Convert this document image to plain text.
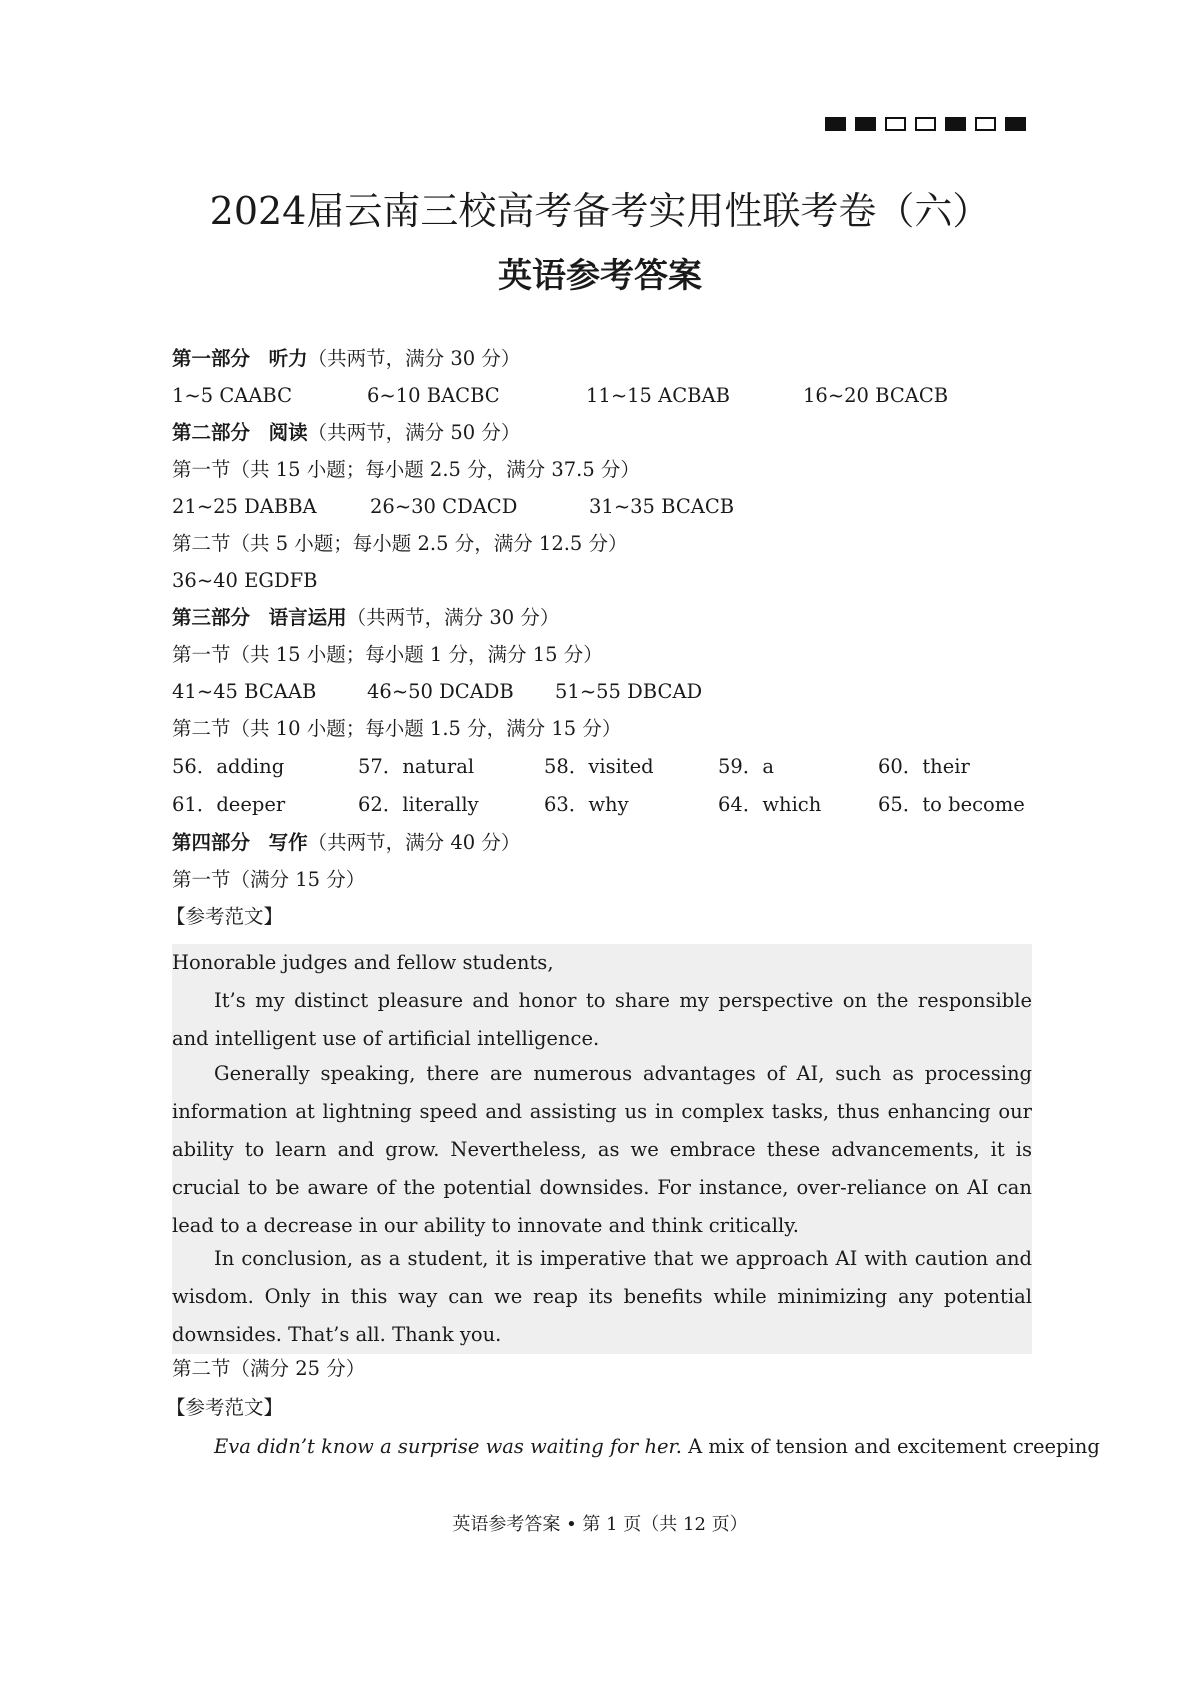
2024届云南三校高考备考实用性联考卷（六）
英语参考答案
第一部分 听力（共两节，满分 30 分）
1~5 CAABC	6~10 BACBC	11~15 ACBAB	16~20 BCACB
第二部分 阅读（共两节，满分 50 分）
第一节（共 15 小题；每小题 2.5 分，满分 37.5 分）
21~25 DABBA	26~30 CDACD	31~35 BCACB
第二节（共 5 小题；每小题 2.5 分，满分 12.5 分）
36~40 EGDFB
第三部分 语言运用（共两节，满分 30 分）
第一节（共 15 小题；每小题 1 分，满分 15 分）
41~45 BCAAB	46~50 DCADB	51~55 DBCAD
第二节（共 10 小题；每小题 1.5 分，满分 15 分）
56．adding	57．natural	58．visited	59．a	60．their
61．deeper	62．literally	63．why	64．which	65．to become
第四部分 写作（共两节，满分 40 分）
第一节（满分 15 分）
【参考范文】
Honorable judges and fellow students,
It’s my distinct pleasure and honor to share my perspective on the responsible and intelligent use of artificial intelligence.
Generally speaking, there are numerous advantages of AI, such as processing information at lightning speed and assisting us in complex tasks, thus enhancing our ability to learn and grow. Nevertheless, as we embrace these advancements, it is crucial to be aware of the potential downsides. For instance, over-reliance on AI can lead to a decrease in our ability to innovate and think critically.
In conclusion, as a student, it is imperative that we approach AI with caution and wisdom. Only in this way can we reap its benefits while minimizing any potential downsides. That’s all. Thank you.
第二节（满分 25 分）
【参考范文】
Eva didn’t know a surprise was waiting for her. A mix of tension and excitement creeping
英语参考答案 • 第 1 页（共 12 页）
